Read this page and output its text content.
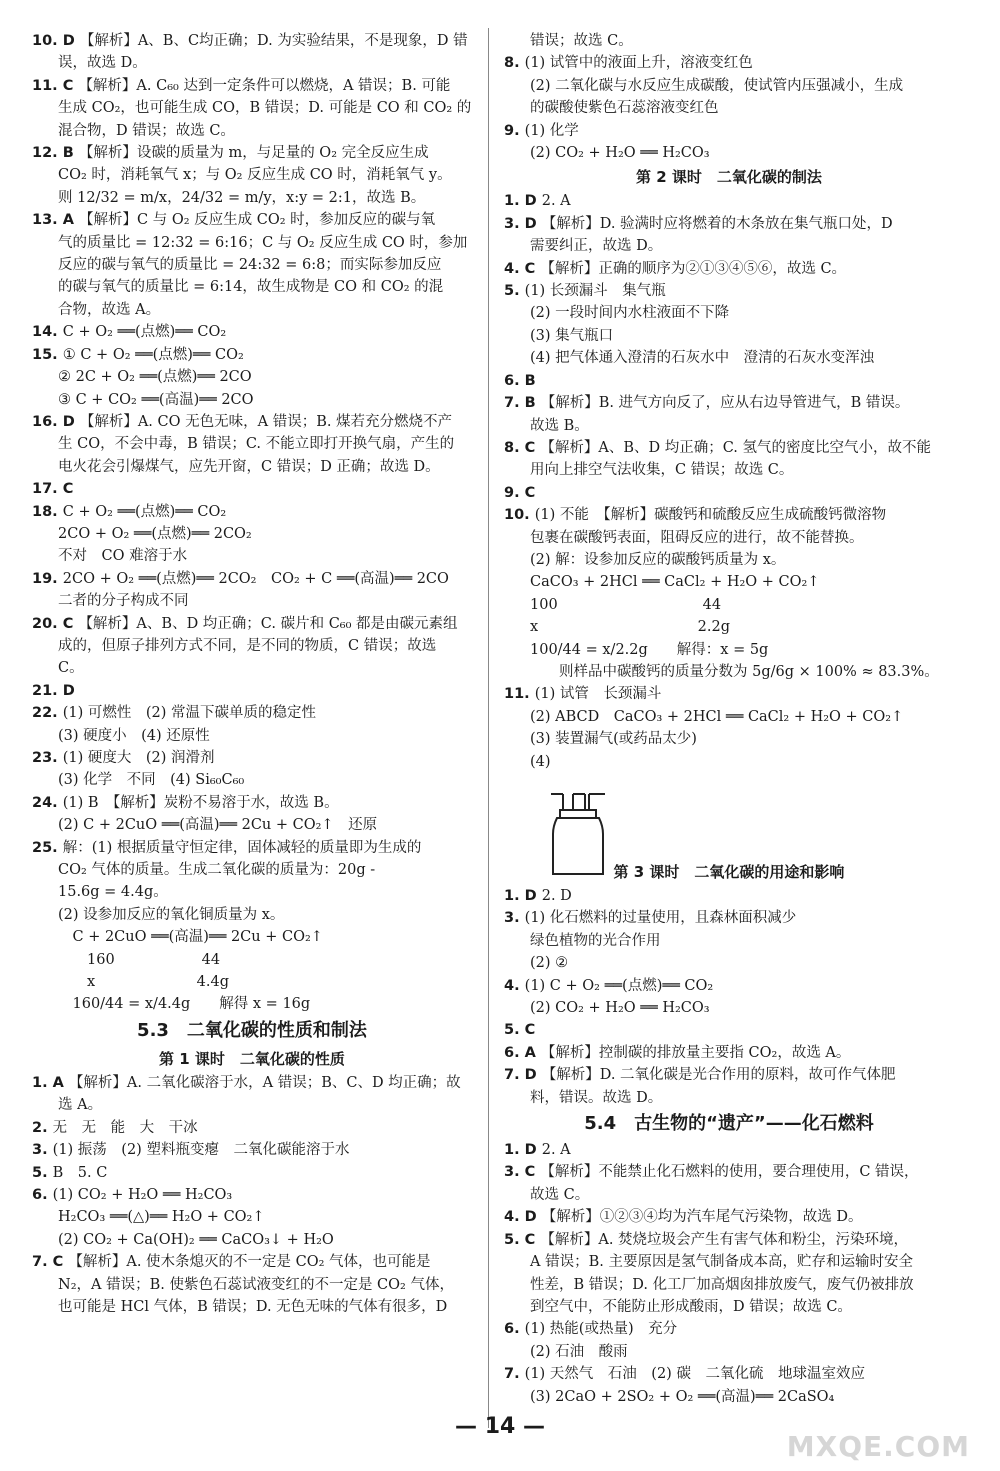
10. D 【解析】A、B、C均正确；D. 为实验结果，不是现象，D 错
误，故选 D。
11. C 【解析】A. C₆₀ 达到一定条件可以燃烧，A 错误；B. 可能
生成 CO₂，也可能生成 CO，B 错误；D. 可能是 CO 和 CO₂ 的
混合物，D 错误；故选 C。
12. B 【解析】设碳的质量为 m，与足量的 O₂ 完全反应生成
CO₂ 时，消耗氧气 x；与 O₂ 反应生成 CO 时，消耗氧气 y。
则 12/32 = m/x，24/32 = m/y，x:y = 2:1，故选 B。
13. A 【解析】C 与 O₂ 反应生成 CO₂ 时，参加反应的碳与氧
气的质量比 = 12:32 = 6:16；C 与 O₂ 反应生成 CO 时，参加
反应的碳与氧气的质量比 = 24:32 = 6:8；而实际参加反应
的碳与氧气的质量比 = 6:14，故生成物是 CO 和 CO₂ 的混
合物，故选 A。
14. C + O₂ ══(点燃)══ CO₂
15. ① C + O₂ ══(点燃)══ CO₂
② 2C + O₂ ══(点燃)══ 2CO
③ C + CO₂ ══(高温)══ 2CO
16. D 【解析】A. CO 无色无味，A 错误；B. 煤若充分燃烧不产
生 CO，不会中毒，B 错误；C. 不能立即打开换气扇，产生的
电火花会引爆煤气，应先开窗，C 错误；D 正确；故选 D。
17. C
18. C + O₂ ══(点燃)══ CO₂
2CO + O₂ ══(点燃)══ 2CO₂
不对　CO 难溶于水
19. 2CO + O₂ ══(点燃)══ 2CO₂　CO₂ + C ══(高温)══ 2CO
二者的分子构成不同
20. C 【解析】A、B、D 均正确；C. 碳片和 C₆₀ 都是由碳元素组
成的，但原子排列方式不同，是不同的物质，C 错误；故选
C。
21. D
22. (1) 可燃性　(2) 常温下碳单质的稳定性
(3) 硬度小　(4) 还原性
23. (1) 硬度大　(2) 润滑剂
(3) 化学　不同　(4) Si₆₀C₆₀
24. (1) B　【解析】炭粉不易溶于水，故选 B。
(2) C + 2CuO ══(高温)══ 2Cu + CO₂↑　还原
25. 解：(1) 根据质量守恒定律，固体减轻的质量即为生成的
CO₂ 气体的质量。生成二氧化碳的质量为：20g -
15.6g = 4.4g。
(2) 设参加反应的氧化铜质量为 x。
　C + 2CuO ══(高温)══ 2Cu + CO₂↑
　　160　　　　　　44
　　x　　　　　　　4.4g
　160/44 = x/4.4g　　解得 x = 16g
5.3　二氧化碳的性质和制法
第 1 课时　二氧化碳的性质
1. A 【解析】A. 二氧化碳溶于水，A 错误；B、C、D 均正确；故
选 A。
2. 无　无　能　大　干冰
3. (1) 振荡　(2) 塑料瓶变瘪　二氧化碳能溶于水
5. B　5. C
6. (1) CO₂ + H₂O ══ H₂CO₃
H₂CO₃ ══(△)══ H₂O + CO₂↑
(2) CO₂ + Ca(OH)₂ ══ CaCO₃↓ + H₂O
7. C 【解析】A. 使木条熄灭的不一定是 CO₂ 气体，也可能是
N₂，A 错误；B. 使紫色石蕊试液变红的不一定是 CO₂ 气体，
也可能是 HCl 气体，B 错误；D. 无色无味的气体有很多，D
错误；故选 C。
8. (1) 试管中的液面上升，溶液变红色
(2) 二氧化碳与水反应生成碳酸，使试管内压强减小，生成
的碳酸使紫色石蕊溶液变红色
9. (1) 化学
(2) CO₂ + H₂O ══ H₂CO₃
第 2 课时　二氧化碳的制法
1. D 2. A
3. D 【解析】D. 验满时应将燃着的木条放在集气瓶口处，D
需要纠正，故选 D。
4. C 【解析】正确的顺序为②①③④⑤⑥，故选 C。
5. (1) 长颈漏斗　集气瓶
(2) 一段时间内水柱液面不下降
(3) 集气瓶口
(4) 把气体通入澄清的石灰水中　澄清的石灰水变浑浊
6. B
7. B 【解析】B. 进气方向反了，应从右边导管进气，B 错误。
故选 B。
8. C 【解析】A、B、D 均正确；C. 氢气的密度比空气小，故不能
用向上排空气法收集，C 错误；故选 C。
9. C
10. (1) 不能　【解析】碳酸钙和硫酸反应生成硫酸钙微溶物
包裹在碳酸钙表面，阻碍反应的进行，故不能替换。
(2) 解：设参加反应的碳酸钙质量为 x。
CaCO₃ + 2HCl ══ CaCl₂ + H₂O + CO₂↑
100　　　　　　　　　　44
x　　　　　　　　　　　2.2g
100/44 = x/2.2g　　解得：x = 5g
　　则样品中碳酸钙的质量分数为 5g/6g × 100% ≈ 83.3%。
11. (1) 试管　长颈漏斗
(2) ABCD　CaCO₃ + 2HCl ══ CaCl₂ + H₂O + CO₂↑
(3) 装置漏气(或药品太少)
(4)
第 3 课时　二氧化碳的用途和影响
1. D 2. D
3. (1) 化石燃料的过量使用，且森林面积减少
绿色植物的光合作用
(2) ②
4. (1) C + O₂ ══(点燃)══ CO₂
(2) CO₂ + H₂O ══ H₂CO₃
5. C
6. A 【解析】控制碳的排放量主要指 CO₂，故选 A。
7. D 【解析】D. 二氧化碳是光合作用的原料，故可作气体肥
料，错误。故选 D。
5.4　古生物的“遗产”——化石燃料
1. D 2. A
3. C 【解析】不能禁止化石燃料的使用，要合理使用，C 错误，
故选 C。
4. D 【解析】①②③④均为汽车尾气污染物，故选 D。
5. C 【解析】A. 焚烧垃圾会产生有害气体和粉尘，污染环境，
A 错误；B. 主要原因是氢气制备成本高，贮存和运输时安全
性差，B 错误；D. 化工厂加高烟囱排放废气，废气仍被排放
到空气中，不能防止形成酸雨，D 错误；故选 C。
6. (1) 热能(或热量)　充分
(2) 石油　酸雨
7. (1) 天然气　石油　(2) 碳　二氧化硫　地球温室效应
(3) 2CaO + 2SO₂ + O₂ ══(高温)══ 2CaSO₄
— 14 —
MXQE.COM
